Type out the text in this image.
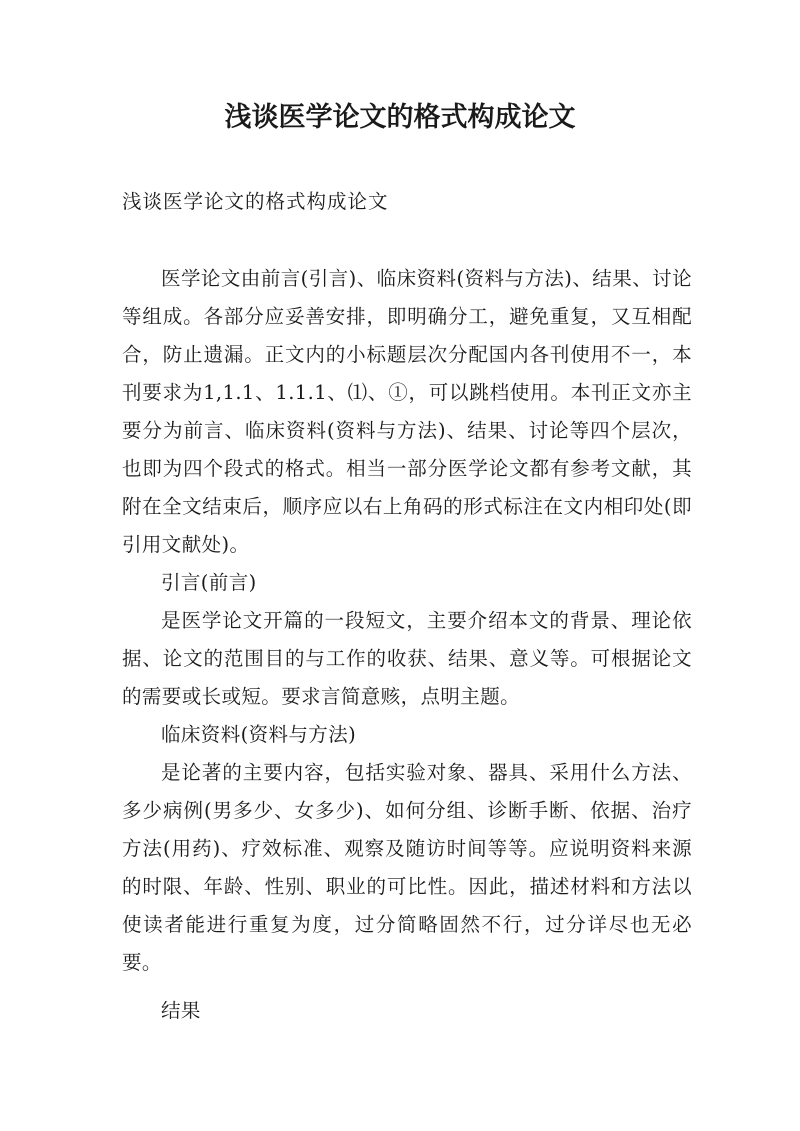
浅谈医学论文的格式构成论文

浅谈医学论文的格式构成论文

医学论文由前言(引言)、临床资料(资料与方法)、结果、讨论等组成。各部分应妥善安排，即明确分工，避免重复，又互相配合，防止遗漏。正文内的小标题层次分配国内各刊使用不一，本刊要求为1,1.1、1.1.1、⑴、①，可以跳档使用。本刊正文亦主要分为前言、临床资料(资料与方法)、结果、讨论等四个层次，也即为四个段式的格式。相当一部分医学论文都有参考文献，其附在全文结束后，顺序应以右上角码的形式标注在文内相印处(即引用文献处)。

引言(前言)

是医学论文开篇的一段短文，主要介绍本文的背景、理论依据、论文的范围目的与工作的收获、结果、意义等。可根据论文的需要或长或短。要求言简意赅，点明主题。

临床资料(资料与方法)

是论著的主要内容，包括实验对象、器具、采用什么方法、多少病例(男多少、女多少)、如何分组、诊断手断、依据、治疗方法(用药)、疗效标准、观察及随访时间等等。应说明资料来源的时限、年龄、性别、职业的可比性。因此，描述材料和方法以使读者能进行重复为度，过分简略固然不行，过分详尽也无必要。

结果
